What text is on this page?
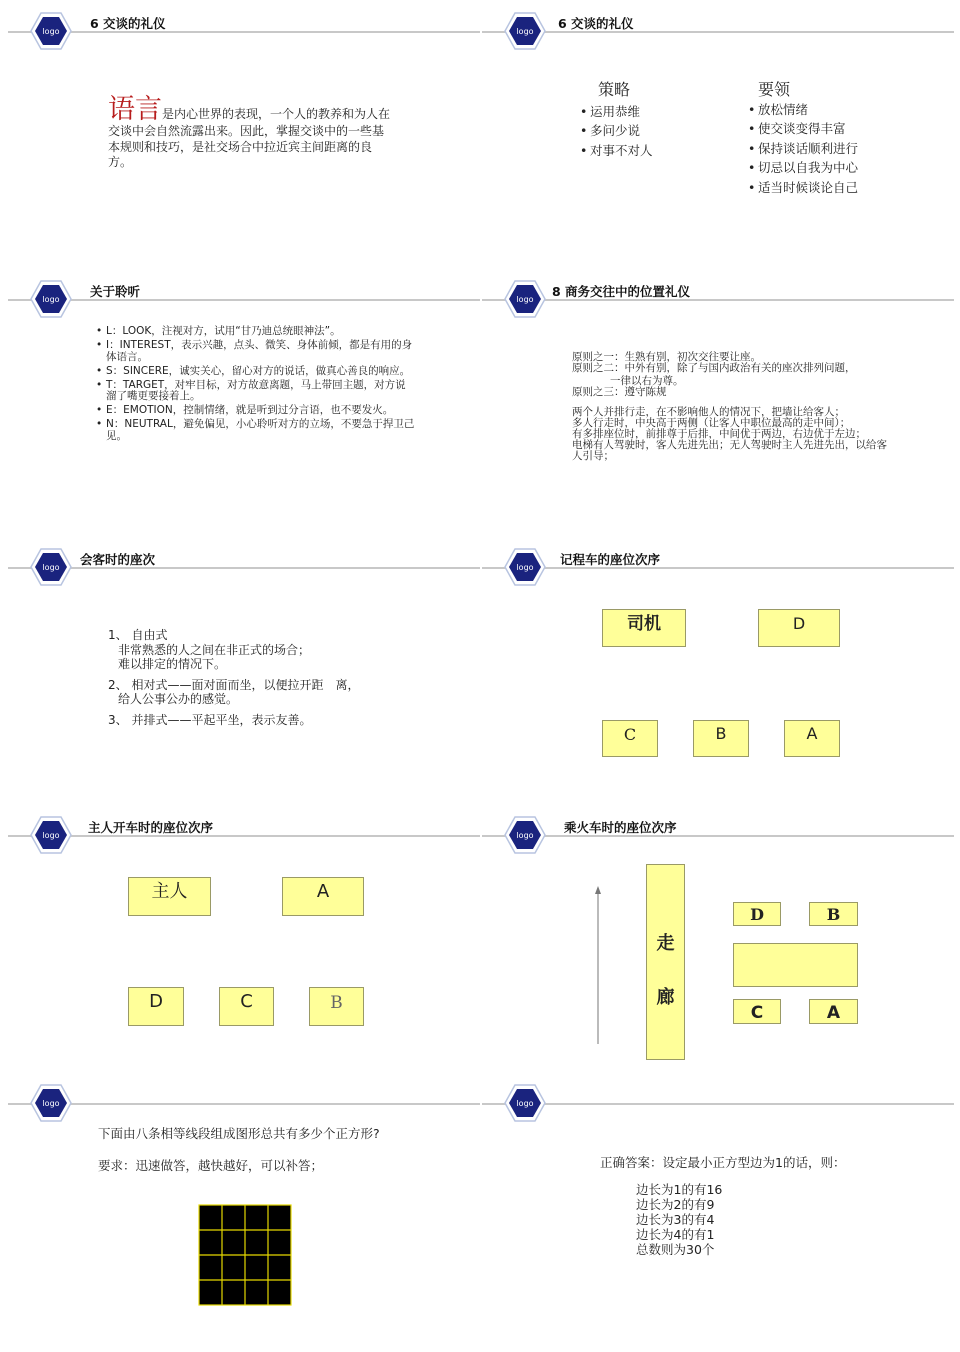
logo
6 交谈的礼仪
语言是内心世界的表现，一个人的教养和为人在交谈中会自然流露出来。因此，掌握交谈中的一些基本规则和技巧，是社交场合中拉近宾主间距离的良方。
logo
6 交谈的礼仪
策略
• 运用恭维
• 多问少说
• 对事不对人
要领
• 放松情绪
• 使交谈变得丰富
• 保持谈话顺利进行
• 切忌以自我为中心
• 适当时候谈论自己
logo
关于聆听
• L：LOOK，注视对方，试用“甘乃迪总统眼神法”。
• I：INTEREST，表示兴趣，点头、微笑、身体前倾，都是有用的身体语言。
• S：SINCERE，诚实关心，留心对方的说话，做真心善良的响应。
• T：TARGET，对牢目标，对方故意离题，马上带回主题，对方说溜了嘴更要接着上。
• E：EMOTION，控制情绪，就是听到过分言语，也不要发火。
• N：NEUTRAL，避免偏见，小心聆听对方的立场，不要急于捍卫己见。
logo
8 商务交往中的位置礼仪
原则之一：生熟有别，初次交往要让座。
原则之二：中外有别，除了与国内政治有关的座次排列问题，
一律以右为尊。
原则之三：遵守陈规
两个人并排行走，在不影响他人的情况下，把墙让给客人；
多人行走时，中央高于两侧（让客人中职位最高的走中间）；
有多排座位时，前排尊于后排，中间优于两边，右边优于左边；
电梯有人驾驶时，客人先进先出；无人驾驶时主人先进先出，以给客人引导；
logo
会客时的座次
1、 自由式
非常熟悉的人之间在非正式的场合；
难以排定的情况下。
2、 相对式——面对面而坐，以便拉开距　离，
给人公事公办的感觉。
3、 并排式——平起平坐，表示友善。
logo
记程车的座位次序
司机	D
C	B	A
logo
主人开车时的座位次序
主人	A
D	C	B
logo
乘火车时的座位次序
走
廊
D	B
C	A
logo
下面由八条相等线段组成图形总共有多少个正方形?
要求：迅速做答，越快越好，可以补答；
logo
正确答案：设定最小正方型边为1的话，则：
边长为1的有16
边长为2的有9
边长为3的有4
边长为4的有1
总数则为30个
